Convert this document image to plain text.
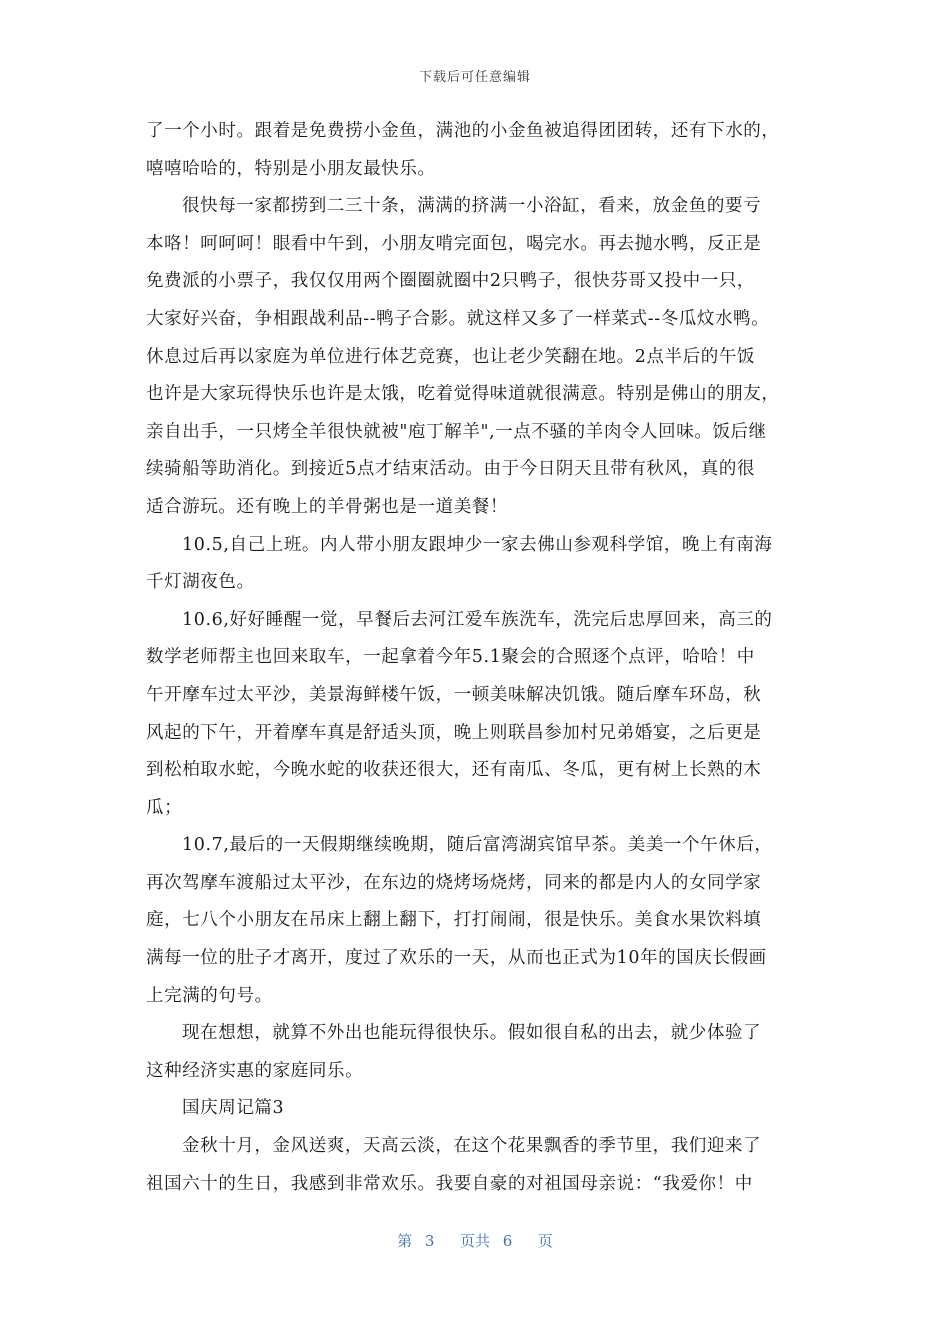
下载后可任意编辑
了一个小时。跟着是免费捞小金鱼，满池的小金鱼被追得团团转，还有下水的，
嘻嘻哈哈的，特别是小朋友最快乐。
很快每一家都捞到二三十条，满满的挤满一小浴缸，看来，放金鱼的要亏
本咯！呵呵呵！眼看中午到，小朋友啃完面包，喝完水。再去抛水鸭，反正是
免费派的小票子，我仅仅用两个圈圈就圈中2只鸭子，很快芬哥又投中一只，
大家好兴奋，争相跟战利品--鸭子合影。就这样又多了一样菜式--冬瓜炆水鸭。
休息过后再以家庭为单位进行体艺竞赛，也让老少笑翻在地。2点半后的午饭
也许是大家玩得快乐也许是太饿，吃着觉得味道就很满意。特别是佛山的朋友，
亲自出手，一只烤全羊很快就被"庖丁解羊",一点不骚的羊肉令人回味。饭后继
续骑船等助消化。到接近5点才结束活动。由于今日阴天且带有秋风，真的很
适合游玩。还有晚上的羊骨粥也是一道美餐！
10.5,自己上班。内人带小朋友跟坤少一家去佛山参观科学馆，晚上有南海
千灯湖夜色。
10.6,好好睡醒一觉，早餐后去河江爱车族洗车，洗完后忠厚回来，高三的
数学老师帮主也回来取车，一起拿着今年5.1聚会的合照逐个点评，哈哈！中
午开摩车过太平沙，美景海鲜楼午饭，一顿美味解决饥饿。随后摩车环岛，秋
风起的下午，开着摩车真是舒适头顶，晚上则联昌参加村兄弟婚宴，之后更是
到松柏取水蛇，今晚水蛇的收获还很大，还有南瓜、冬瓜，更有树上长熟的木
瓜；
10.7,最后的一天假期继续晚期，随后富湾湖宾馆早茶。美美一个午休后，
再次驾摩车渡船过太平沙，在东边的烧烤场烧烤，同来的都是内人的女同学家
庭，七八个小朋友在吊床上翻上翻下，打打闹闹，很是快乐。美食水果饮料填
满每一位的肚子才离开，度过了欢乐的一天，从而也正式为10年的国庆长假画
上完满的句号。
现在想想，就算不外出也能玩得很快乐。假如很自私的出去，就少体验了
这种经济实惠的家庭同乐。
国庆周记篇3
金秋十月，金风送爽，天高云淡，在这个花果飘香的季节里，我们迎来了
祖国六十的生日，我感到非常欢乐。我要自豪的对祖国母亲说：“我爱你！中
第 3  页共 6  页
